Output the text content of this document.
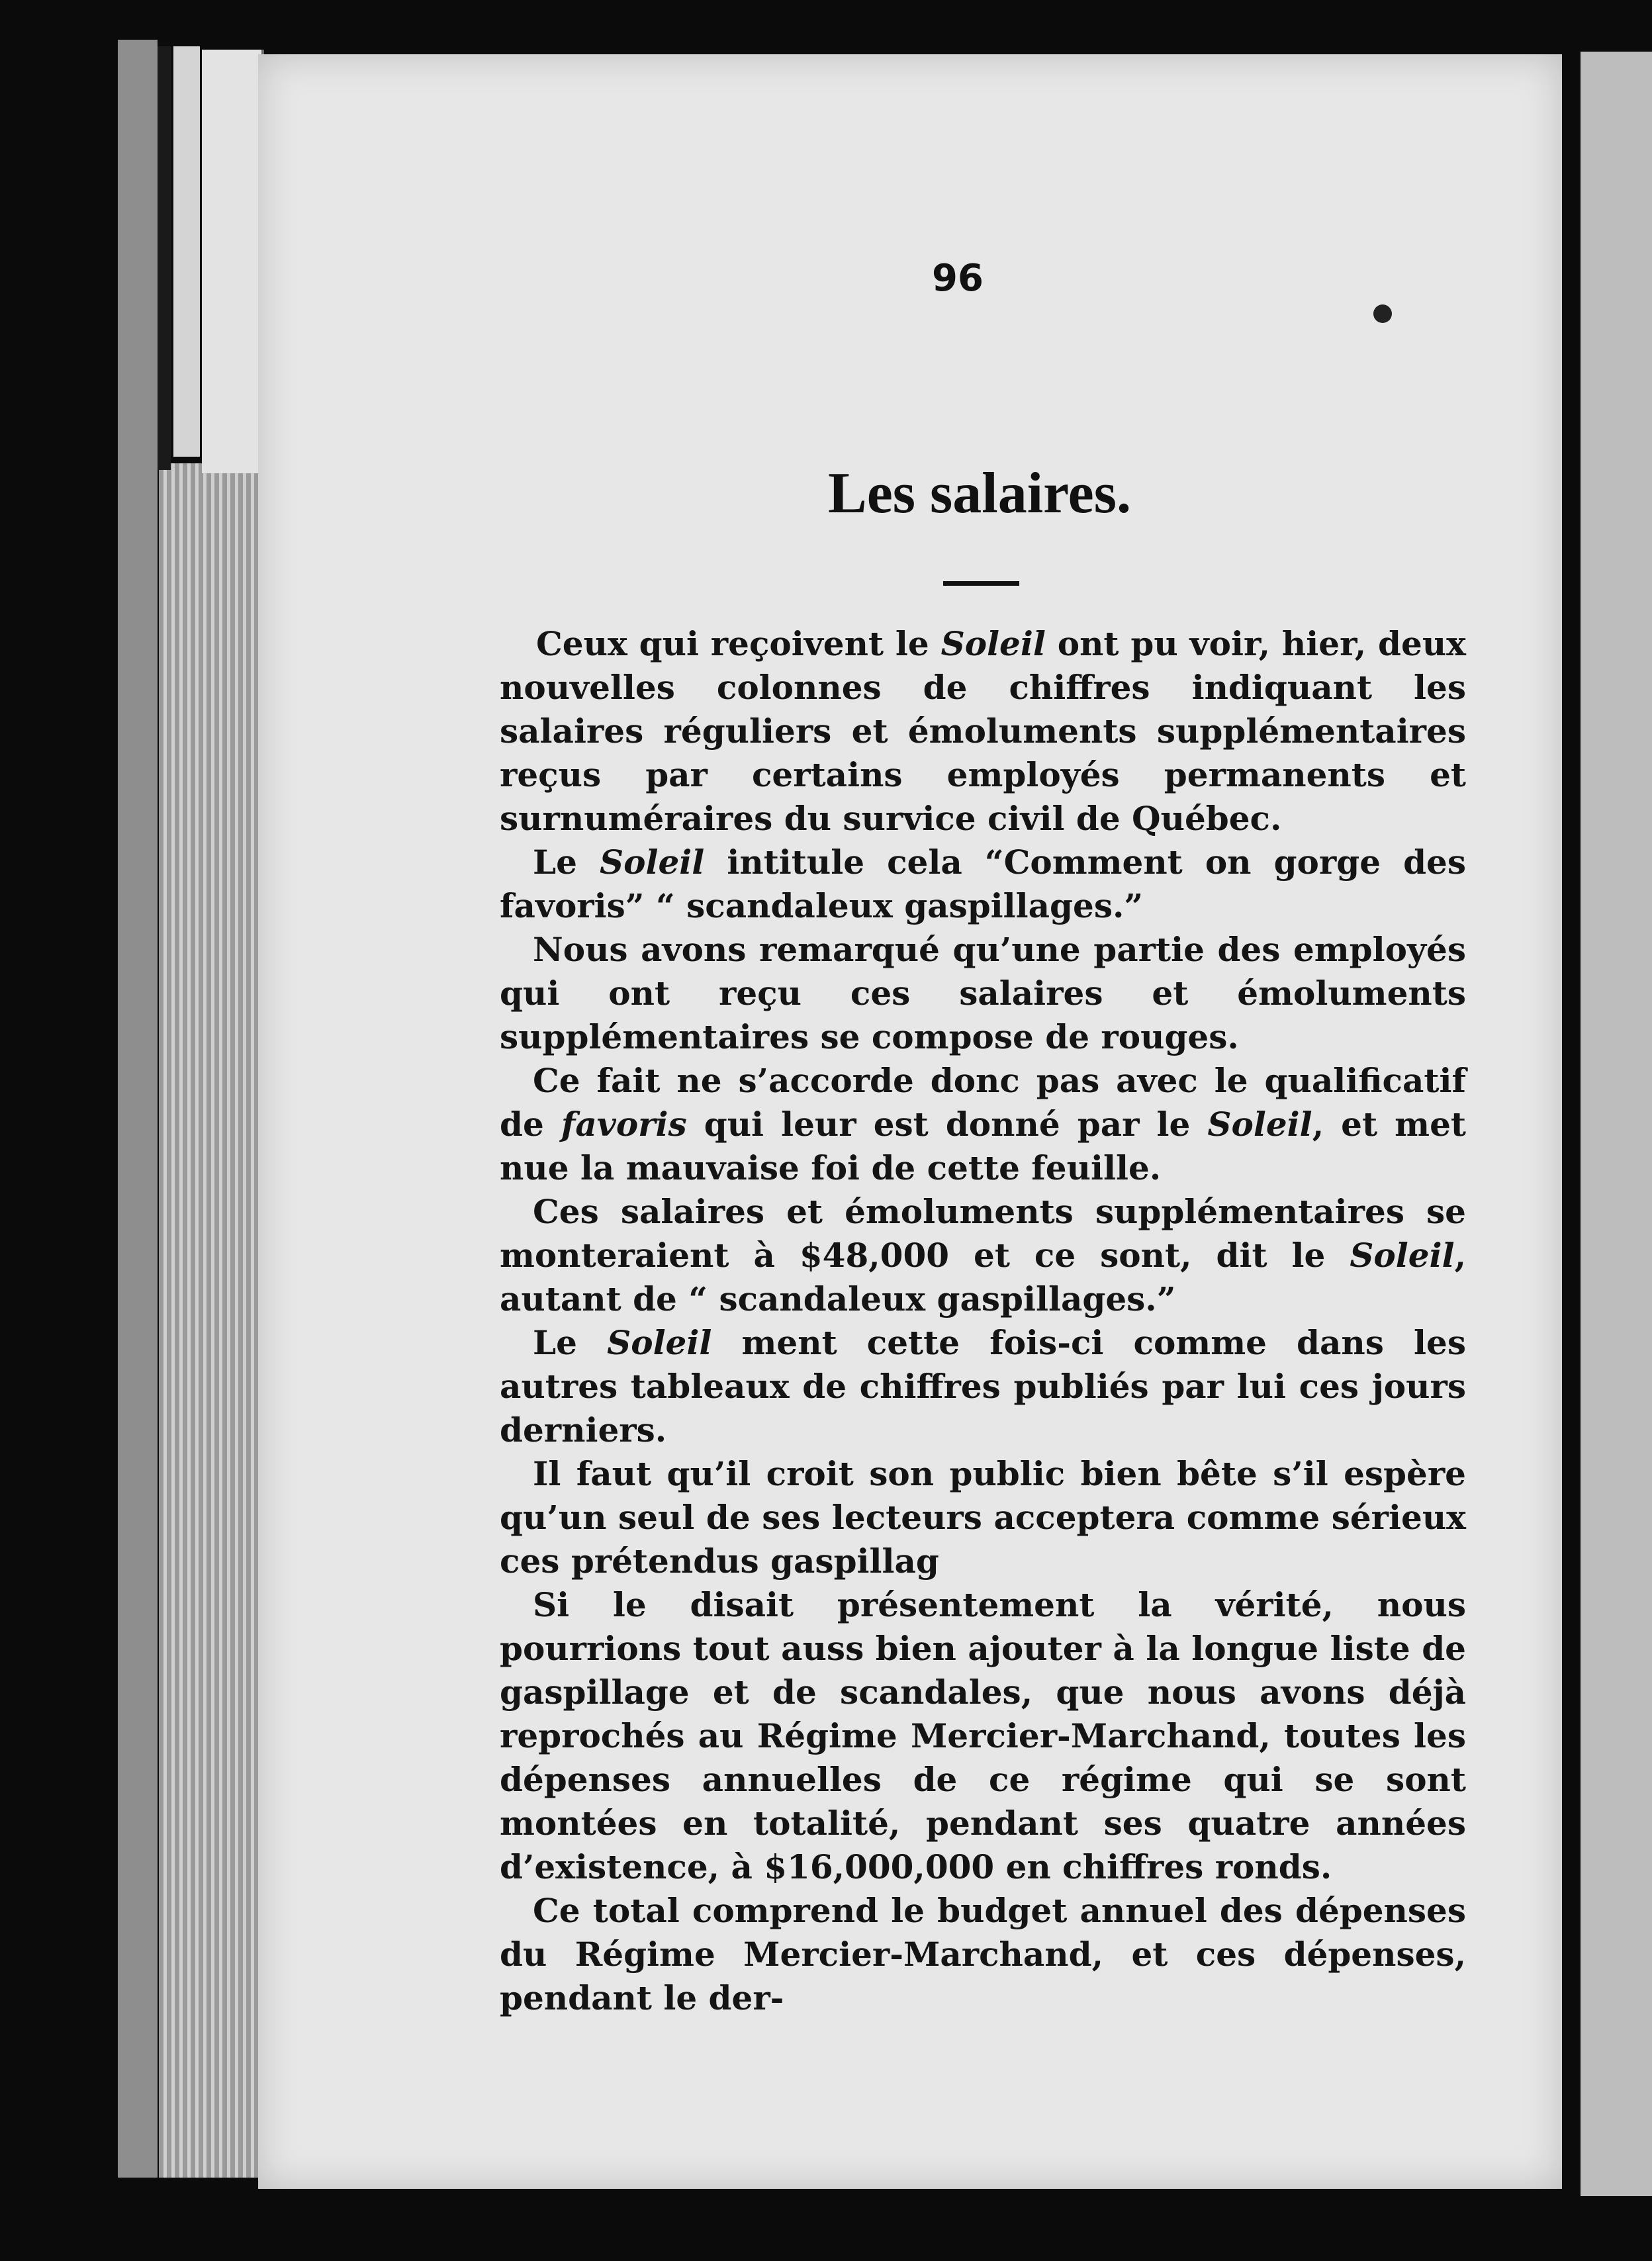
96

Les salaires.

Ceux qui reçoivent le Soleil ont pu voir, hier, deux nouvelles colonnes de chiffres indiquant les salaires réguliers et émoluments supplémentaires reçus par certains employés permanents et surnuméraires du survice civil de Québec.

Le Soleil intitule cela “Comment on gorge des favoris” “ scandaleux gaspillages.”

Nous avons remarqué qu’une partie des employés qui ont reçu ces salaires et émoluments supplémentaires se compose de rouges.

Ce fait ne s’accorde donc pas avec le qualificatif de favoris qui leur est donné par le Soleil, et met nue la mauvaise foi de cette feuille.

Ces salaires et émoluments supplémentaires se monteraient à $48,000 et ce sont, dit le Soleil, autant de “ scandaleux gaspillages.”

Le Soleil ment cette fois-ci comme dans les autres tableaux de chiffres publiés par lui ces jours derniers.

Il faut qu’il croit son public bien bête s’il espère qu’un seul de ses lecteurs acceptera comme sérieux ces prétendus gaspillag

Si le disait présentement la vérité, nous pourrions tout auss bien ajouter à la longue liste de gaspillage et de scandales, que nous avons déjà reprochés au Régime Mercier-Marchand, toutes les dépenses annuelles de ce régime qui se sont montées en totalité, pendant ses quatre années d’existence, à $16,000,000 en chiffres ronds.

Ce total comprend le budget annuel des dépenses du Régime Mercier-Marchand, et ces dépenses, pendant le der-
